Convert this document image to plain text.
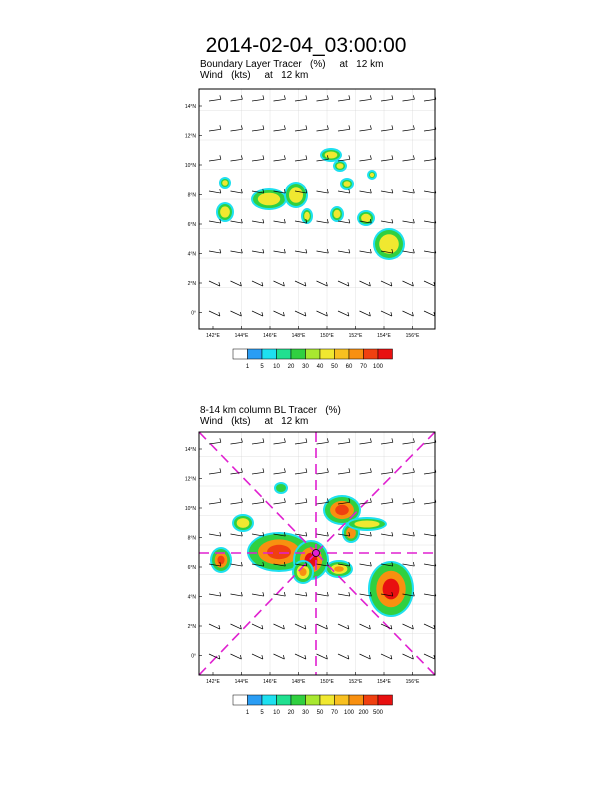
2014-02-04_03:00:00
Boundary Layer Tracer   (%)     at   12 km
Wind   (kts)     at   12 km
14°N
12°N
10°N
8°N
6°N
4°N
2°N
0°
142°E	144°E	146°E	148°E	150°E	152°E	154°E	156°E
1 5 10 20 30 40 50 60 70 100
8-14 km column BL Tracer   (%)
Wind   (kts)     at   12 km
14°N
12°N
10°N
8°N
6°N
4°N
2°N
0°
142°E	144°E	146°E	148°E	150°E	152°E	154°E	156°E
1 5 10 20 30 50 70 100 200 500
